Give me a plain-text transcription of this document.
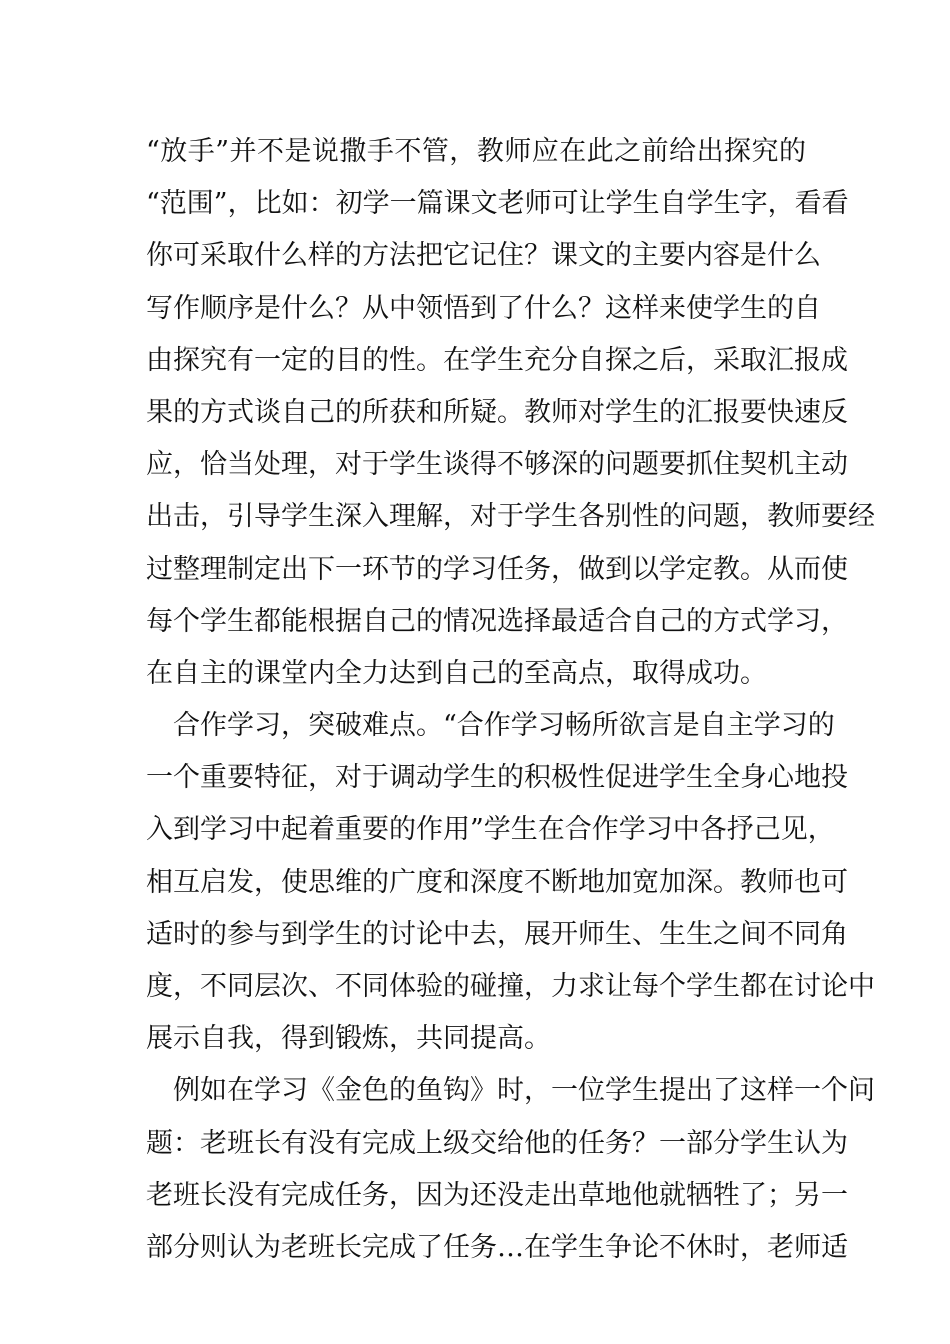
“放手”并不是说撒手不管，教师应在此之前给出探究的
“范围”，比如：初学一篇课文老师可让学生自学生字，看看
你可采取什么样的方法把它记住？课文的主要内容是什么
写作顺序是什么？从中领悟到了什么？这样来使学生的自
由探究有一定的目的性。在学生充分自探之后，采取汇报成
果的方式谈自己的所获和所疑。教师对学生的汇报要快速反
应，恰当处理，对于学生谈得不够深的问题要抓住契机主动
出击，引导学生深入理解，对于学生各别性的问题，教师要经
过整理制定出下一环节的学习任务，做到以学定教。从而使
每个学生都能根据自己的情况选择最适合自己的方式学习，
在自主的课堂内全力达到自己的至高点，取得成功。
合作学习，突破难点。“合作学习畅所欲言是自主学习的
一个重要特征，对于调动学生的积极性促进学生全身心地投
入到学习中起着重要的作用”学生在合作学习中各抒己见，
相互启发，使思维的广度和深度不断地加宽加深。教师也可
适时的参与到学生的讨论中去，展开师生、生生之间不同角
度，不同层次、不同体验的碰撞，力求让每个学生都在讨论中
展示自我，得到锻炼，共同提高。
例如在学习《金色的鱼钩》时，一位学生提出了这样一个问
题：老班长有没有完成上级交给他的任务？一部分学生认为
老班长没有完成任务，因为还没走出草地他就牺牲了；另一
部分则认为老班长完成了任务…在学生争论不休时，老师适
